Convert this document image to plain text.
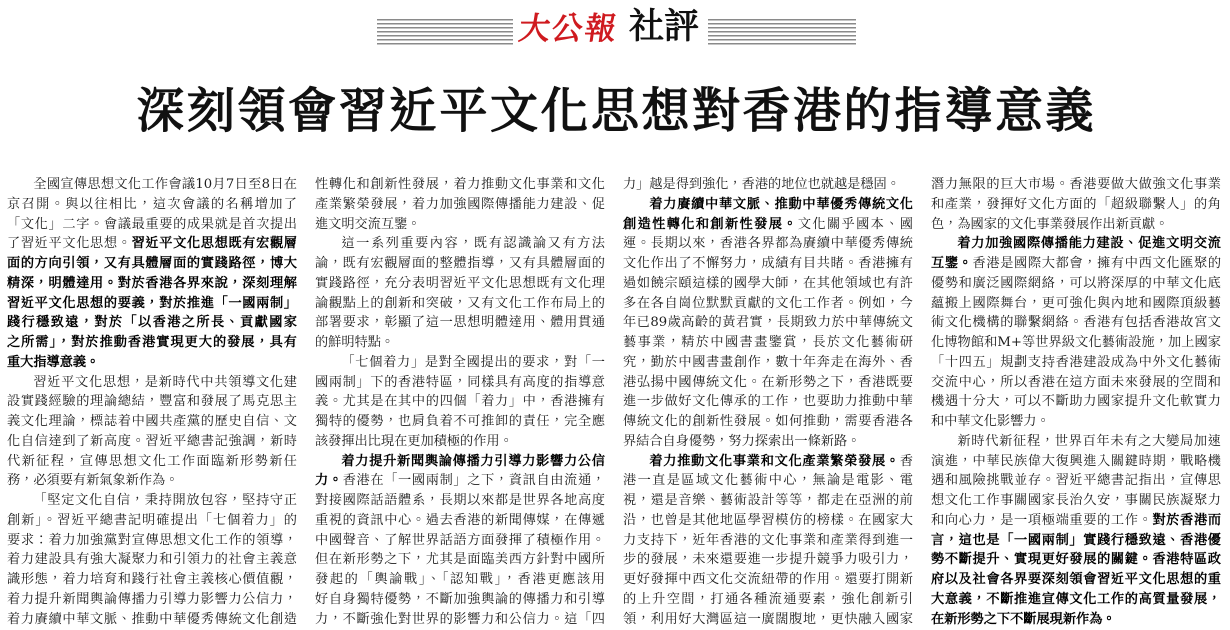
大公報 社評
深刻領會習近平文化思想對香港的指導意義
全國宣傳思想文化工作會議10月7日至8日在
京召開。與以往相比，這次會議的名稱增加了
「文化」二字。會議最重要的成果就是首次提出
了習近平文化思想。習近平文化思想既有宏觀層
面的方向引領，又有具體層面的實踐路徑，博大
精深，明體達用。對於香港各界來說，深刻理解
習近平文化思想的要義，對於推進「一國兩制」
踐行穩致遠，對於「以香港之所長、貢獻國家
之所需」，對於推動香港實現更大的發展，具有
重大指導意義。
習近平文化思想，是新時代中共領導文化建
設實踐經驗的理論總結，豐富和發展了馬克思主
義文化理論，標誌着中國共產黨的歷史自信、文
化自信達到了新高度。習近平總書記強調，新時
代新征程，宣傳思想文化工作面臨新形勢新任
務，必須要有新氣象新作為。
「堅定文化自信，秉持開放包容，堅持守正
創新」。習近平總書記明確提出「七個着力」的
要求：着力加強黨對宣傳思想文化工作的領導，
着力建設具有強大凝聚力和引領力的社會主義意
識形態，着力培育和踐行社會主義核心價值觀，
着力提升新聞輿論傳播力引導力影響力公信力，
着力賡續中華文脈、推動中華優秀傳統文化創造
性轉化和創新性發展，着力推動文化事業和文化
產業繁榮發展，着力加強國際傳播能力建設、促
進文明交流互鑒。
這一系列重要內容，既有認識論又有方法
論，既有宏觀層面的整體指導，又有具體層面的
實踐路徑，充分表明習近平文化思想既有文化理
論觀點上的創新和突破，又有文化工作布局上的
部署要求，彰顯了這一思想明體達用、體用貫通
的鮮明特點。
「七個着力」是對全國提出的要求，對「一
國兩制」下的香港特區，同樣具有高度的指導意
義。尤其是在其中的四個「着力」中，香港擁有
獨特的優勢，也肩負着不可推卸的責任，完全應
該發揮出比現在更加積極的作用。
着力提升新聞輿論傳播力引導力影響力公信
力。香港在「一國兩制」之下，資訊自由流通，
對接國際話語體系，長期以來都是世界各地高度
重視的資訊中心。過去香港的新聞傳媒，在傳遞
中國聲音、了解世界話語方面發揮了積極作用。
但在新形勢之下，尤其是面臨美西方針對中國所
發起的「輿論戰」、「認知戰」，香港更應該用
好自身獨特優勢，不斷加強輿論的傳播力和引導
力，不斷強化對世界的影響力和公信力。這「四
力」越是得到強化，香港的地位也就越是穩固。
着力賡續中華文脈、推動中華優秀傳統文化
創造性轉化和創新性發展。文化關乎國本、國
運。長期以來，香港各界都為賡續中華優秀傳統
文化作出了不懈努力，成績有目共睹。香港擁有
過如饒宗頤這樣的國學大師，在其他領域也有許
多在各自崗位默默貢獻的文化工作者。例如，今
年已89歲高齡的黃君實，長期致力於中華傳統文
藝事業，精於中國書畫鑒賞，長於文化藝術研
究，勤於中國書畫創作，數十年奔走在海外、香
港弘揚中國傳統文化。在新形勢之下，香港既要
進一步做好文化傳承的工作，也要助力推動中華
傳統文化的創新性發展。如何推動，需要香港各
界結合自身優勢，努力探索出一條新路。
着力推動文化事業和文化產業繁榮發展。香
港一直是區域文化藝術中心，無論是電影、電
視，還是音樂、藝術設計等等，都走在亞洲的前
沿，也曾是其他地區學習模仿的榜樣。在國家大
力支持下，近年香港的文化事業和產業得到進一
步的發展，未來還要進一步提升競爭力吸引力，
更好發揮中西文化交流紐帶的作用。還要打開新
的上升空間，打通各種流通要素，強化創新引
領，利用好大灣區這一廣闊腹地，更快融入國家
潛力無限的巨大市場。香港要做大做強文化事業
和產業，發揮好文化方面的「超級聯繫人」的角
色，為國家的文化事業發展作出新貢獻。
着力加強國際傳播能力建設、促進文明交流
互鑒。香港是國際大都會，擁有中西文化匯聚的
優勢和廣泛國際網絡，可以將深厚的中華文化底
蘊搬上國際舞台，更可強化與內地和國際頂級藝
術文化機構的聯繫網絡。香港有包括香港故宮文
化博物館和M+等世界級文化藝術設施，加上國家
「十四五」規劃支持香港建設成為中外文化藝術
交流中心，所以香港在這方面未來發展的空間和
機遇十分大，可以不斷助力國家提升文化軟實力
和中華文化影響力。
新時代新征程，世界百年未有之大變局加速
演進，中華民族偉大復興進入關鍵時期，戰略機
遇和風險挑戰並存。習近平總書記指出，宣傳思
想文化工作事關國家長治久安，事關民族凝聚力
和向心力，是一項極端重要的工作。對於香港而
言，這也是「一國兩制」實踐行穩致遠、香港優
勢不斷提升、實現更好發展的關鍵。香港特區政
府以及社會各界要深刻領會習近平文化思想的重
大意義，不斷推進宣傳文化工作的高質量發展，
在新形勢之下不斷展現新作為。
